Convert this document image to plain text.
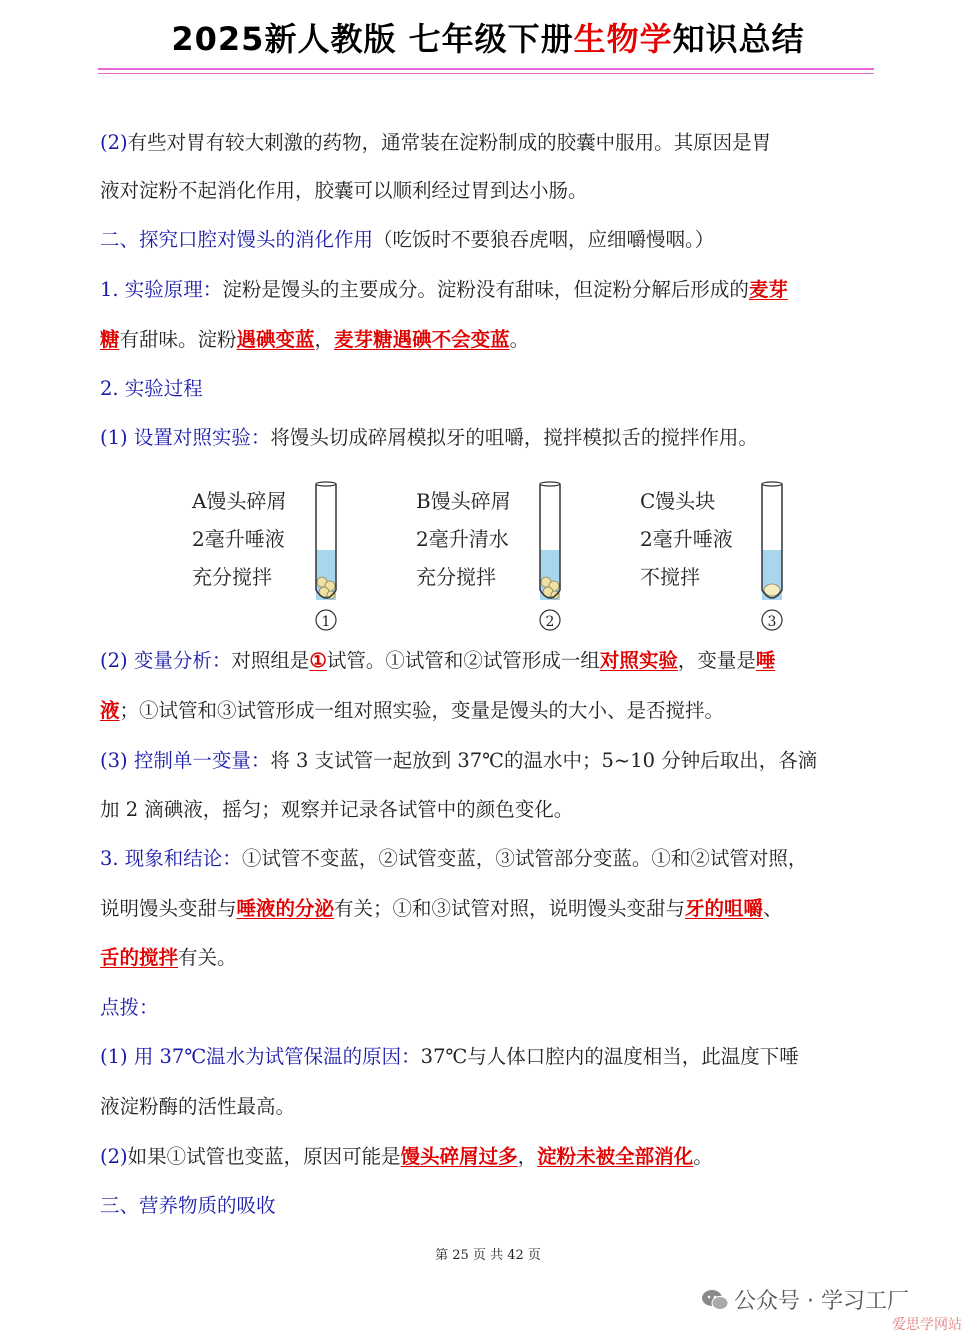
2025新人教版 七年级下册生物学知识总结
(2)有些对胃有较大刺激的药物，通常装在淀粉制成的胶囊中服用。其原因是胃
液对淀粉不起消化作用，胶囊可以顺利经过胃到达小肠。
二、探究口腔对馒头的消化作用（吃饭时不要狼吞虎咽，应细嚼慢咽。）
1. 实验原理：淀粉是馒头的主要成分。淀粉没有甜味，但淀粉分解后形成的麦芽
糖有甜味。淀粉遇碘变蓝，麦芽糖遇碘不会变蓝。
2. 实验过程
(1) 设置对照实验：将馒头切成碎屑模拟牙的咀嚼，搅拌模拟舌的搅拌作用。
A馒头碎屑
2毫升唾液
充分搅拌
1
B馒头碎屑
2毫升清水
充分搅拌
2
C馒头块
2毫升唾液
不搅拌
3
(2) 变量分析：对照组是①试管。①试管和②试管形成一组对照实验，变量是唾
液；①试管和③试管形成一组对照实验，变量是馒头的大小、是否搅拌。
(3) 控制单一变量：将 3 支试管一起放到 37℃的温水中；5~10 分钟后取出，各滴
加 2 滴碘液，摇匀；观察并记录各试管中的颜色变化。
3. 现象和结论：①试管不变蓝，②试管变蓝，③试管部分变蓝。①和②试管对照，
说明馒头变甜与唾液的分泌有关；①和③试管对照，说明馒头变甜与牙的咀嚼、
舌的搅拌有关。
点拨：
(1) 用 37℃温水为试管保温的原因：37℃与人体口腔内的温度相当，此温度下唾
液淀粉酶的活性最高。
(2)如果①试管也变蓝，原因可能是馒头碎屑过多，淀粉未被全部消化。
三、营养物质的吸收
第 25 页 共 42 页
公众号 · 学习工厂
爱思学网站
